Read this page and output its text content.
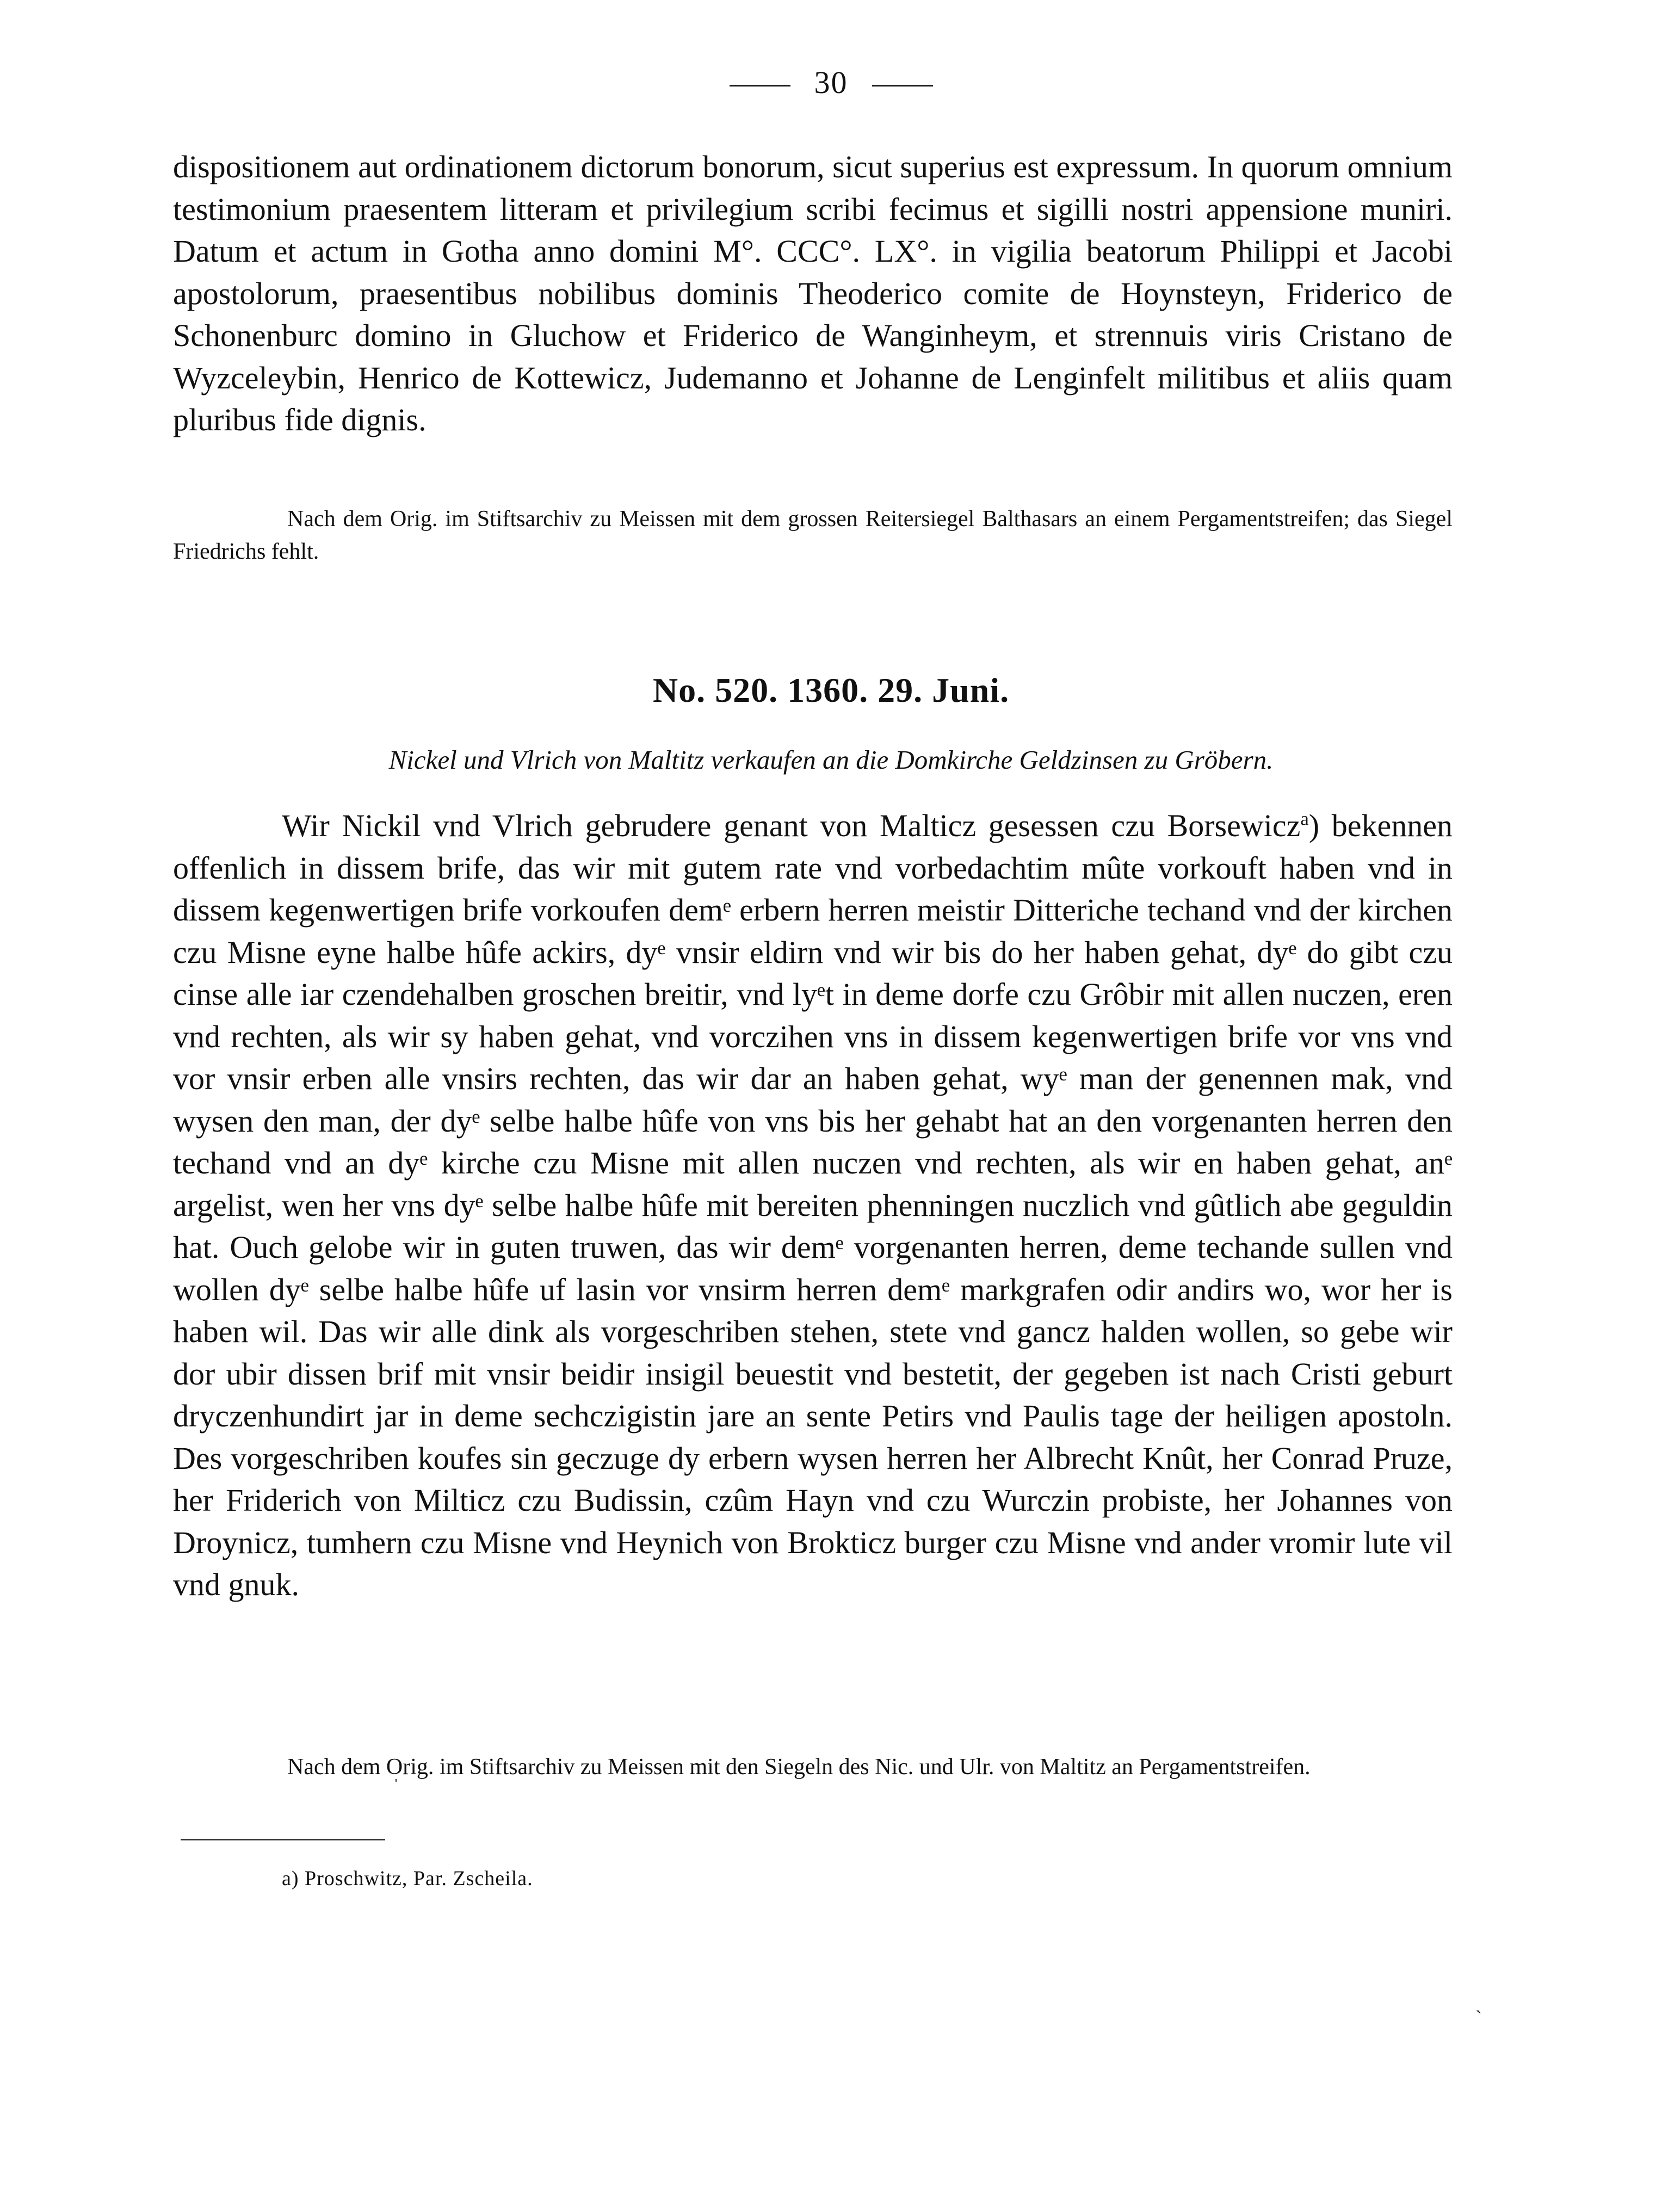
30

dispositionem aut ordinationem dictorum bonorum, sicut superius est expressum. In quorum omnium testimonium praesentem litteram et privilegium scribi fecimus et sigilli nostri appensione muniri. Datum et actum in Gotha anno domini M°. CCC°. LX°. in vigilia beatorum Philippi et Jacobi apostolorum, praesentibus nobilibus dominis Theoderico comite de Hoynsteyn, Friderico de Schonenburc domino in Gluchow et Friderico de Wanginheym, et strennuis viris Cristano de Wyzceleybin, Henrico de Kottewicz, Judemanno et Johanne de Lenginfelt militibus et aliis quam pluribus fide dignis.

Nach dem Orig. im Stiftsarchiv zu Meissen mit dem grossen Reitersiegel Balthasars an einem Pergamentstreifen; das Siegel Friedrichs fehlt.

No. 520. 1360. 29. Juni.

Nickel und Vlrich von Maltitz verkaufen an die Domkirche Geldzinsen zu Gröbern.

Wir Nickil vnd Vlrich gebrudere genant von Malticz gesessen czu Borsewicz$^a$) bekennen offenlich in dissem brife, das wir mit gutem rate vnd vorbedachtim mûte vorkouft haben vnd in dissem kegenwertigen brife vorkoufen demᵉ erbern herren meistir Ditteriche techand vnd der kirchen czu Misne eyne halbe hûfe ackirs, dyᵉ vnsir eldirn vnd wir bis do her haben gehat, dyᵉ do gibt czu cinse alle iar czendehalben groschen breitir, vnd lyᵉt in deme dorfe czu Grôbir mit allen nuczen, eren vnd rechten, als wir sy haben gehat, vnd vorczihen vns in dissem kegenwertigen brife vor vns vnd vor vnsir erben alle vnsirs rechten, das wir dar an haben gehat, wyᵉ man der genennen mak, vnd wysen den man, der dyᵉ selbe halbe hûfe von vns bis her gehabt hat an den vorgenanten herren den techand vnd an dyᵉ kirche czu Misne mit allen nuczen vnd rechten, als wir en haben gehat, anᵉ argelist, wen her vns dyᵉ selbe halbe hûfe mit bereiten phenningen nuczlich vnd gûtlich abe geguldin hat. Ouch gelobe wir in guten truwen, das wir demᵉ vorgenanten herren, deme techande sullen vnd wollen dyᵉ selbe halbe hûfe uf lasin vor vnsirm herren demᵉ markgrafen odir andirs wo, wor her is haben wil. Das wir alle dink als vorgeschriben stehen, stete vnd gancz halden wollen, so gebe wir dor ubir dissen brif mit vnsir beidir insigil beuestit vnd bestetit, der gegeben ist nach Cristi geburt dryczenhundirt jar in deme sechczigistin jare an sente Petirs vnd Paulis tage der heiligen apostoln. Des vorgeschriben koufes sin geczuge dy erbern wysen herren her Albrecht Knût, her Conrad Pruze, her Friderich von Milticz czu Budissin, czûm Hayn vnd czu Wurczin probiste, her Johannes von Droynicz, tumhern czu Misne vnd Heynich von Brokticz burger czu Misne vnd ander vromir lute vil vnd gnuk.

Nach dem Orig. im Stiftsarchiv zu Meissen mit den Siegeln des Nic. und Ulr. von Maltitz an Pergamentstreifen.

a) Proschwitz, Par. Zscheila.

ˈ
ˏ
